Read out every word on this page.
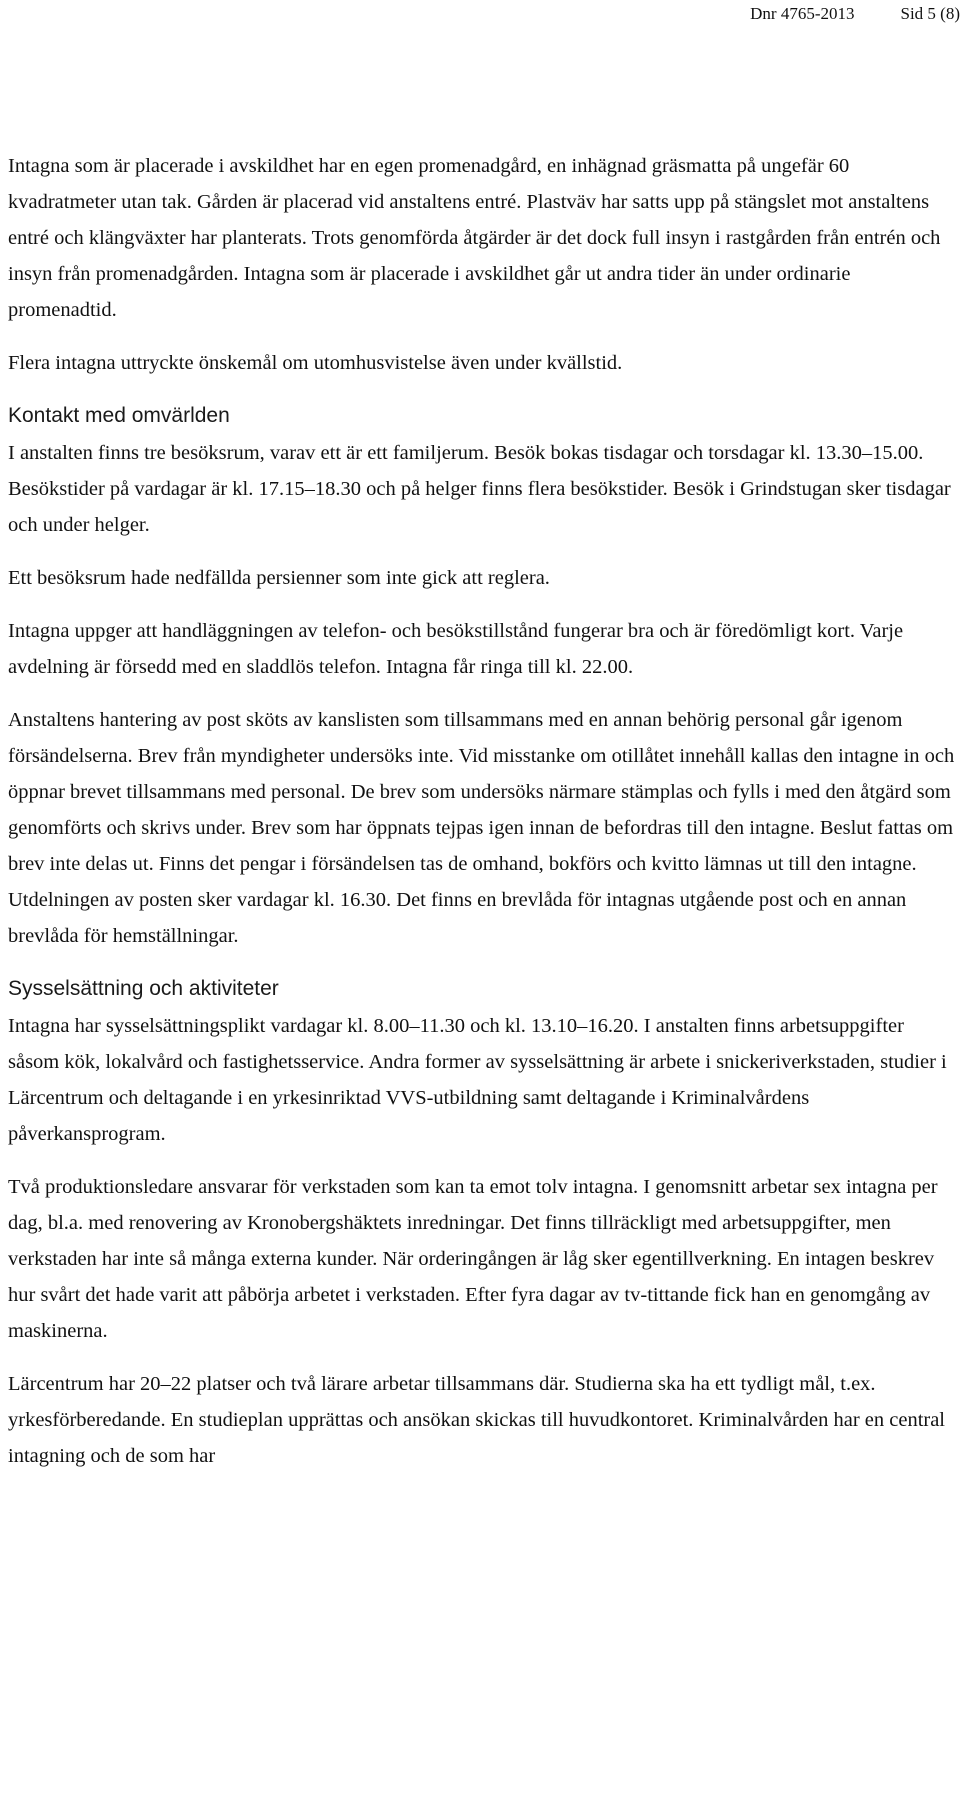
Dnr 4765-2013	Sid 5 (8)

Intagna som är placerade i avskildhet har en egen promenadgård, en inhägnad gräsmatta på ungefär 60 kvadratmeter utan tak. Gården är placerad vid anstaltens entré. Plastväv har satts upp på stängslet mot anstaltens entré och klängväxter har planterats. Trots genomförda åtgärder är det dock full insyn i rastgården från entrén och insyn från promenadgården. Intagna som är placerade i avskildhet går ut andra tider än under ordinarie promenadtid.

Flera intagna uttryckte önskemål om utomhusvistelse även under kvällstid.

Kontakt med omvärlden

I anstalten finns tre besöksrum, varav ett är ett familjerum. Besök bokas tisdagar och torsdagar kl. 13.30–15.00. Besökstider på vardagar är kl. 17.15–18.30 och på helger finns flera besökstider. Besök i Grindstugan sker tisdagar och under helger.

Ett besöksrum hade nedfällda persienner som inte gick att reglera.

Intagna uppger att handläggningen av telefon- och besökstillstånd fungerar bra och är föredömligt kort. Varje avdelning är försedd med en sladdlös telefon. Intagna får ringa till kl. 22.00.

Anstaltens hantering av post sköts av kanslisten som tillsammans med en annan behörig personal går igenom försändelserna. Brev från myndigheter undersöks inte. Vid misstanke om otillåtet innehåll kallas den intagne in och öppnar brevet tillsammans med personal. De brev som undersöks närmare stämplas och fylls i med den åtgärd som genomförts och skrivs under. Brev som har öppnats tejpas igen innan de befordras till den intagne. Beslut fattas om brev inte delas ut. Finns det pengar i försändelsen tas de omhand, bokförs och kvitto lämnas ut till den intagne. Utdelningen av posten sker vardagar kl. 16.30. Det finns en brevlåda för intagnas utgående post och en annan brevlåda för hemställningar.

Sysselsättning och aktiviteter

Intagna har sysselsättningsplikt vardagar kl. 8.00–11.30 och kl. 13.10–16.20. I anstalten finns arbetsuppgifter såsom kök, lokalvård och fastighetsservice. Andra former av sysselsättning är arbete i snickeriverkstaden, studier i Lärcentrum och deltagande i en yrkesinriktad VVS-utbildning samt deltagande i Kriminalvårdens påverkansprogram.

Två produktionsledare ansvarar för verkstaden som kan ta emot tolv intagna. I genomsnitt arbetar sex intagna per dag, bl.a. med renovering av Kronobergshäktets inredningar. Det finns tillräckligt med arbetsuppgifter, men verkstaden har inte så många externa kunder. När orderingången är låg sker egentillverkning. En intagen beskrev hur svårt det hade varit att påbörja arbetet i verkstaden. Efter fyra dagar av tv-tittande fick han en genomgång av maskinerna.

Lärcentrum har 20–22 platser och två lärare arbetar tillsammans där. Studierna ska ha ett tydligt mål, t.ex. yrkesförberedande. En studieplan upprättas och ansökan skickas till huvudkontoret. Kriminalvården har en central intagning och de som har
